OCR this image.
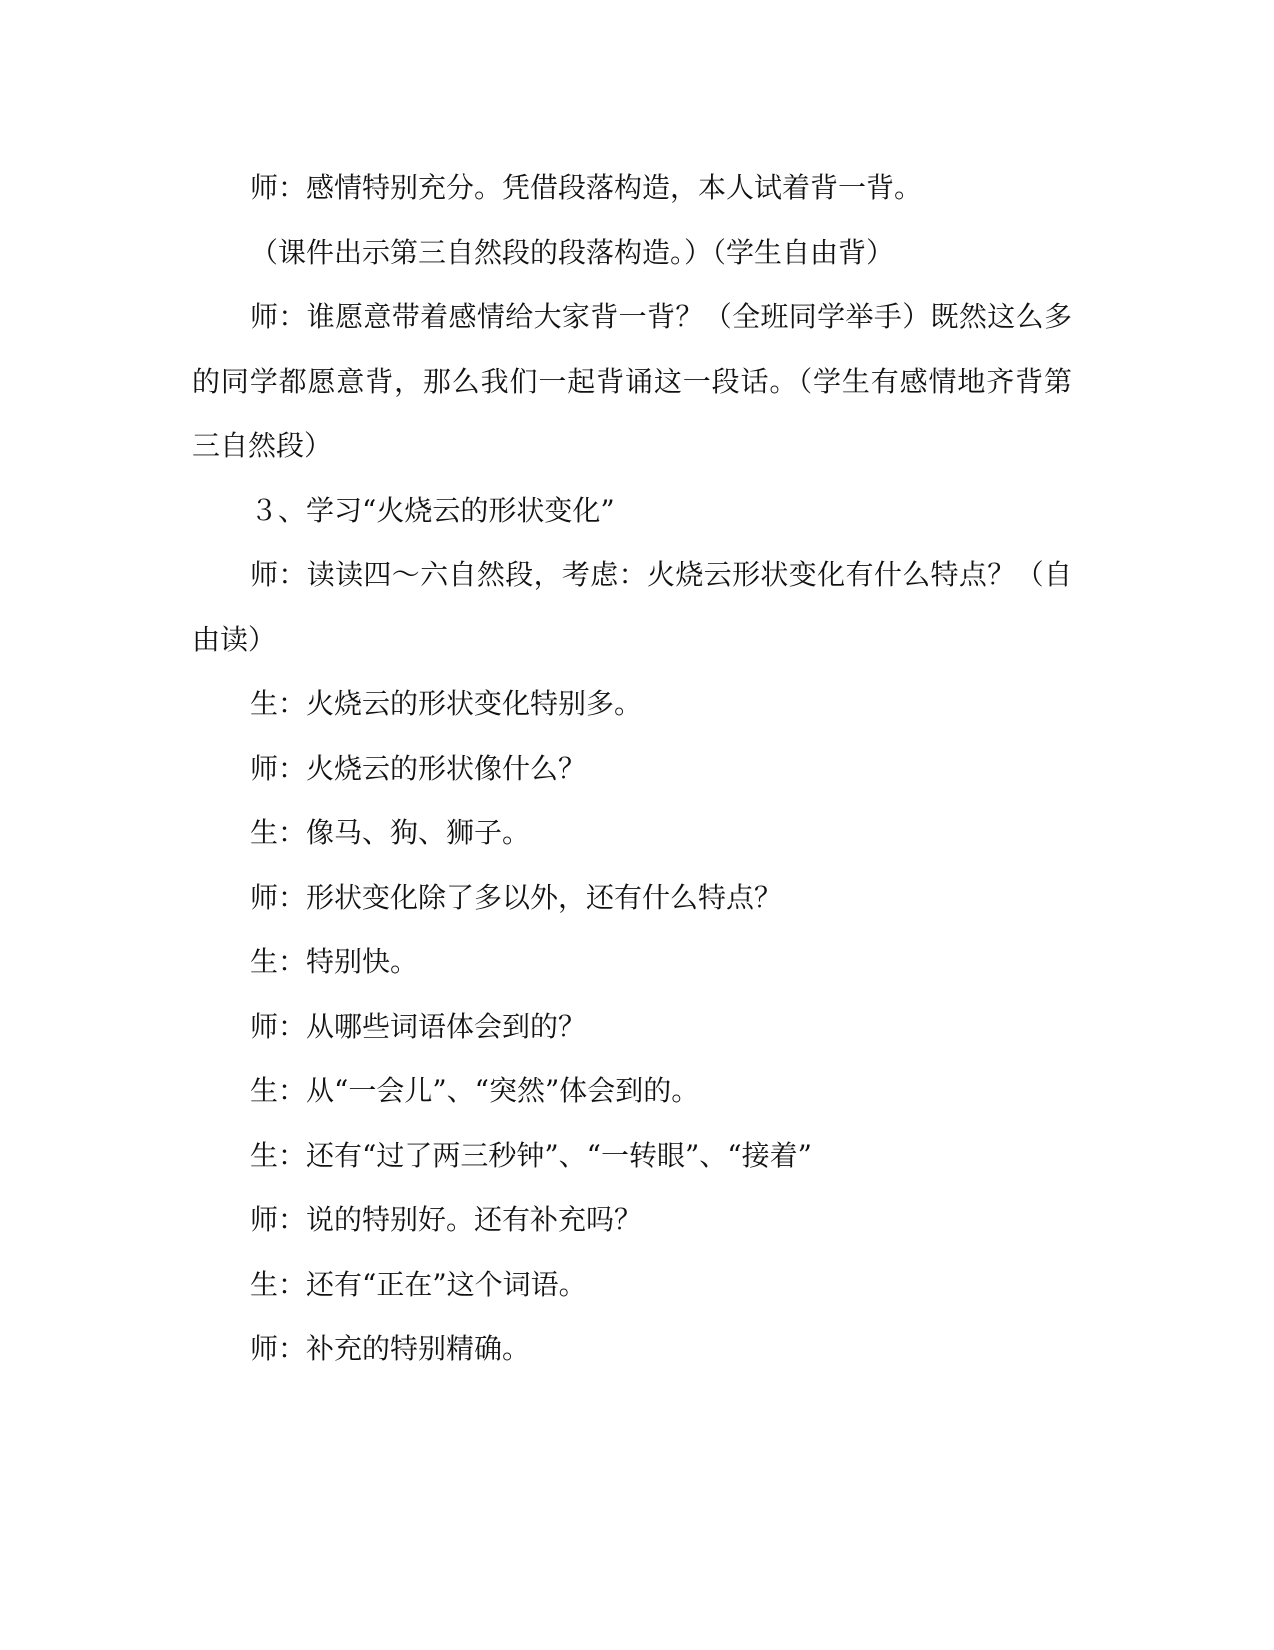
师：感情特别充分。凭借段落构造，本人试着背一背。

（课件出示第三自然段的段落构造。）（学生自由背）

师：谁愿意带着感情给大家背一背？（全班同学举手）既然这么多的同学都愿意背，那么我们一起背诵这一段话。（学生有感情地齐背第三自然段）

３、学习“火烧云的形状变化”

师：读读四～六自然段，考虑：火烧云形状变化有什么特点？（自由读）

生：火烧云的形状变化特别多。

师：火烧云的形状像什么？

生：像马、狗、狮子。

师：形状变化除了多以外，还有什么特点？

生：特别快。

师：从哪些词语体会到的？

生：从“一会儿”、“突然”体会到的。

生：还有“过了两三秒钟”、“一转眼”、“接着”

师：说的特别好。还有补充吗？

生：还有“正在”这个词语。

师：补充的特别精确。
